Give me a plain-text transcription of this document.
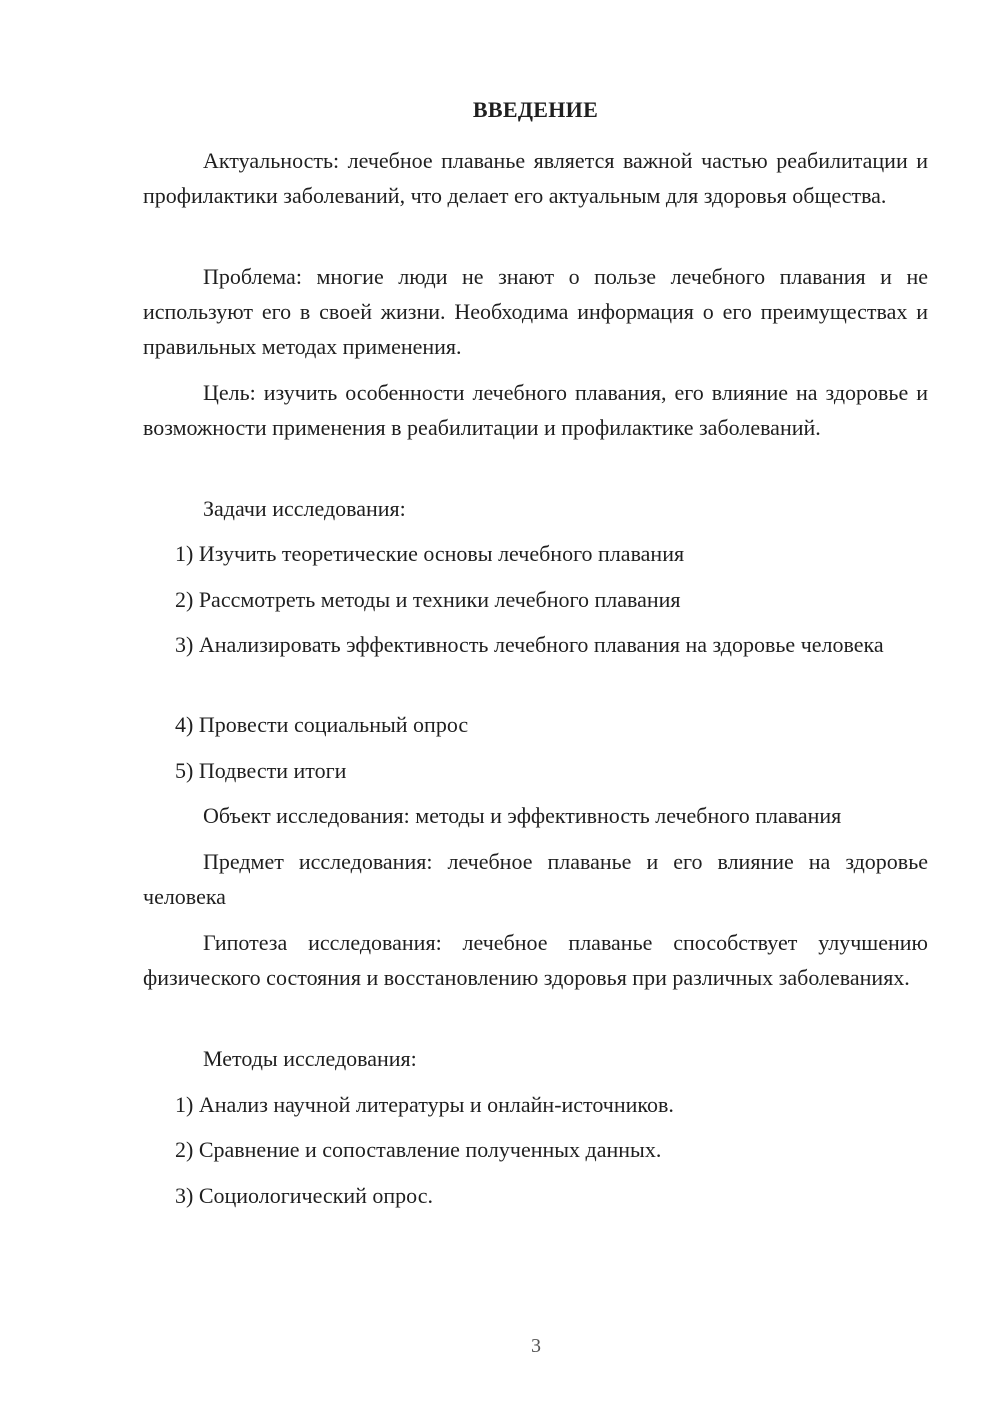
ВВЕДЕНИЕ

Актуальность: лечебное плаванье является важной частью реабилитации и профилактики заболеваний, что делает его актуальным для здоровья общества.

Проблема: многие люди не знают о пользе лечебного плавания и не используют его в своей жизни. Необходима информация о его преимуществах и правильных методах применения.

Цель: изучить особенности лечебного плавания, его влияние на здоровье и возможности применения в реабилитации и профилактике заболеваний.

Задачи исследования:

1) Изучить теоретические основы лечебного плавания

2) Рассмотреть методы и техники лечебного плавания

3) Анализировать эффективность лечебного плавания на здоровье человека

4) Провести социальный опрос

5) Подвести итоги

Объект исследования: методы и эффективность лечебного плавания

Предмет исследования: лечебное плаванье и его влияние на здоровье человека

Гипотеза исследования: лечебное плаванье способствует улучшению физического состояния и восстановлению здоровья при различных заболеваниях.

Методы исследования:

1) Анализ научной литературы и онлайн-источников.

2) Сравнение и сопоставление полученных данных.

3) Социологический опрос.

3
